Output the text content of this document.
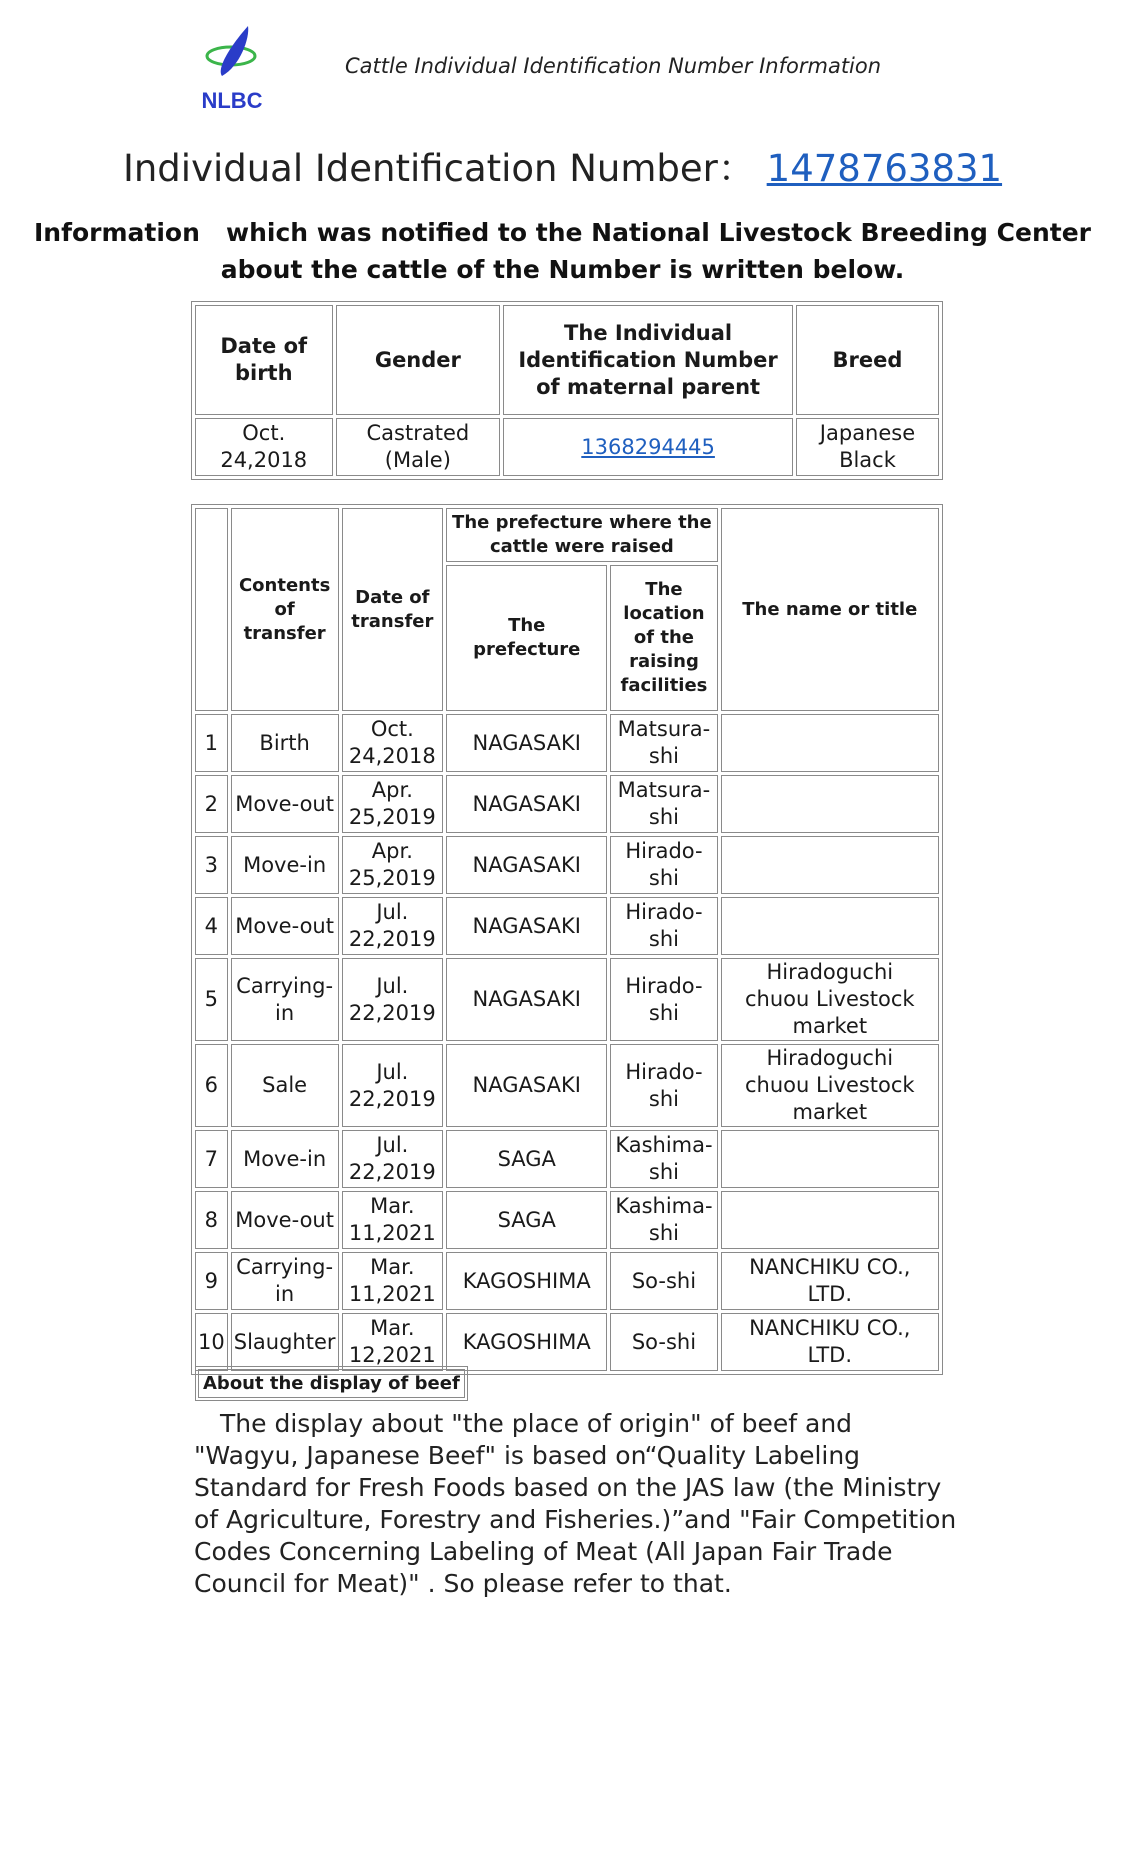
NLBC
Cattle Individual Identification Number Information
Individual Identification Number： 1478763831
Information   which was notified to the National Livestock Breeding Center
about the cattle of the Number is written below.
Date of birth	Gender	The Individual Identification Number of maternal parent	Breed
Oct. 24,2018	Castrated (Male)	1368294445	Japanese Black
	Contents of transfer	Date of transfer	The prefecture where the cattle were raised		The name or title
			The prefecture	The location of the raising facilities	
1	Birth	Oct. 24,2018	NAGASAKI	Matsura-shi	
2	Move-out	Apr. 25,2019	NAGASAKI	Matsura-shi	
3	Move-in	Apr. 25,2019	NAGASAKI	Hirado-shi	
4	Move-out	Jul. 22,2019	NAGASAKI	Hirado-shi	
5	Carrying-in	Jul. 22,2019	NAGASAKI	Hirado-shi	Hiradoguchi chuou Livestock market
6	Sale	Jul. 22,2019	NAGASAKI	Hirado-shi	Hiradoguchi chuou Livestock market
7	Move-in	Jul. 22,2019	SAGA	Kashima-shi	
8	Move-out	Mar. 11,2021	SAGA	Kashima-shi	
9	Carrying-in	Mar. 11,2021	KAGOSHIMA	So-shi	NANCHIKU CO., LTD.
10	Slaughter	Mar. 12,2021	KAGOSHIMA	So-shi	NANCHIKU CO., LTD.
About the display of beef
The display about "the place of origin" of beef and "Wagyu, Japanese Beef" is based on“Quality Labeling Standard for Fresh Foods based on the JAS law (the Ministry of Agriculture, Forestry and Fisheries.)”and "Fair Competition Codes Concerning Labeling of Meat (All Japan Fair Trade Council for Meat)" . So please refer to that.
